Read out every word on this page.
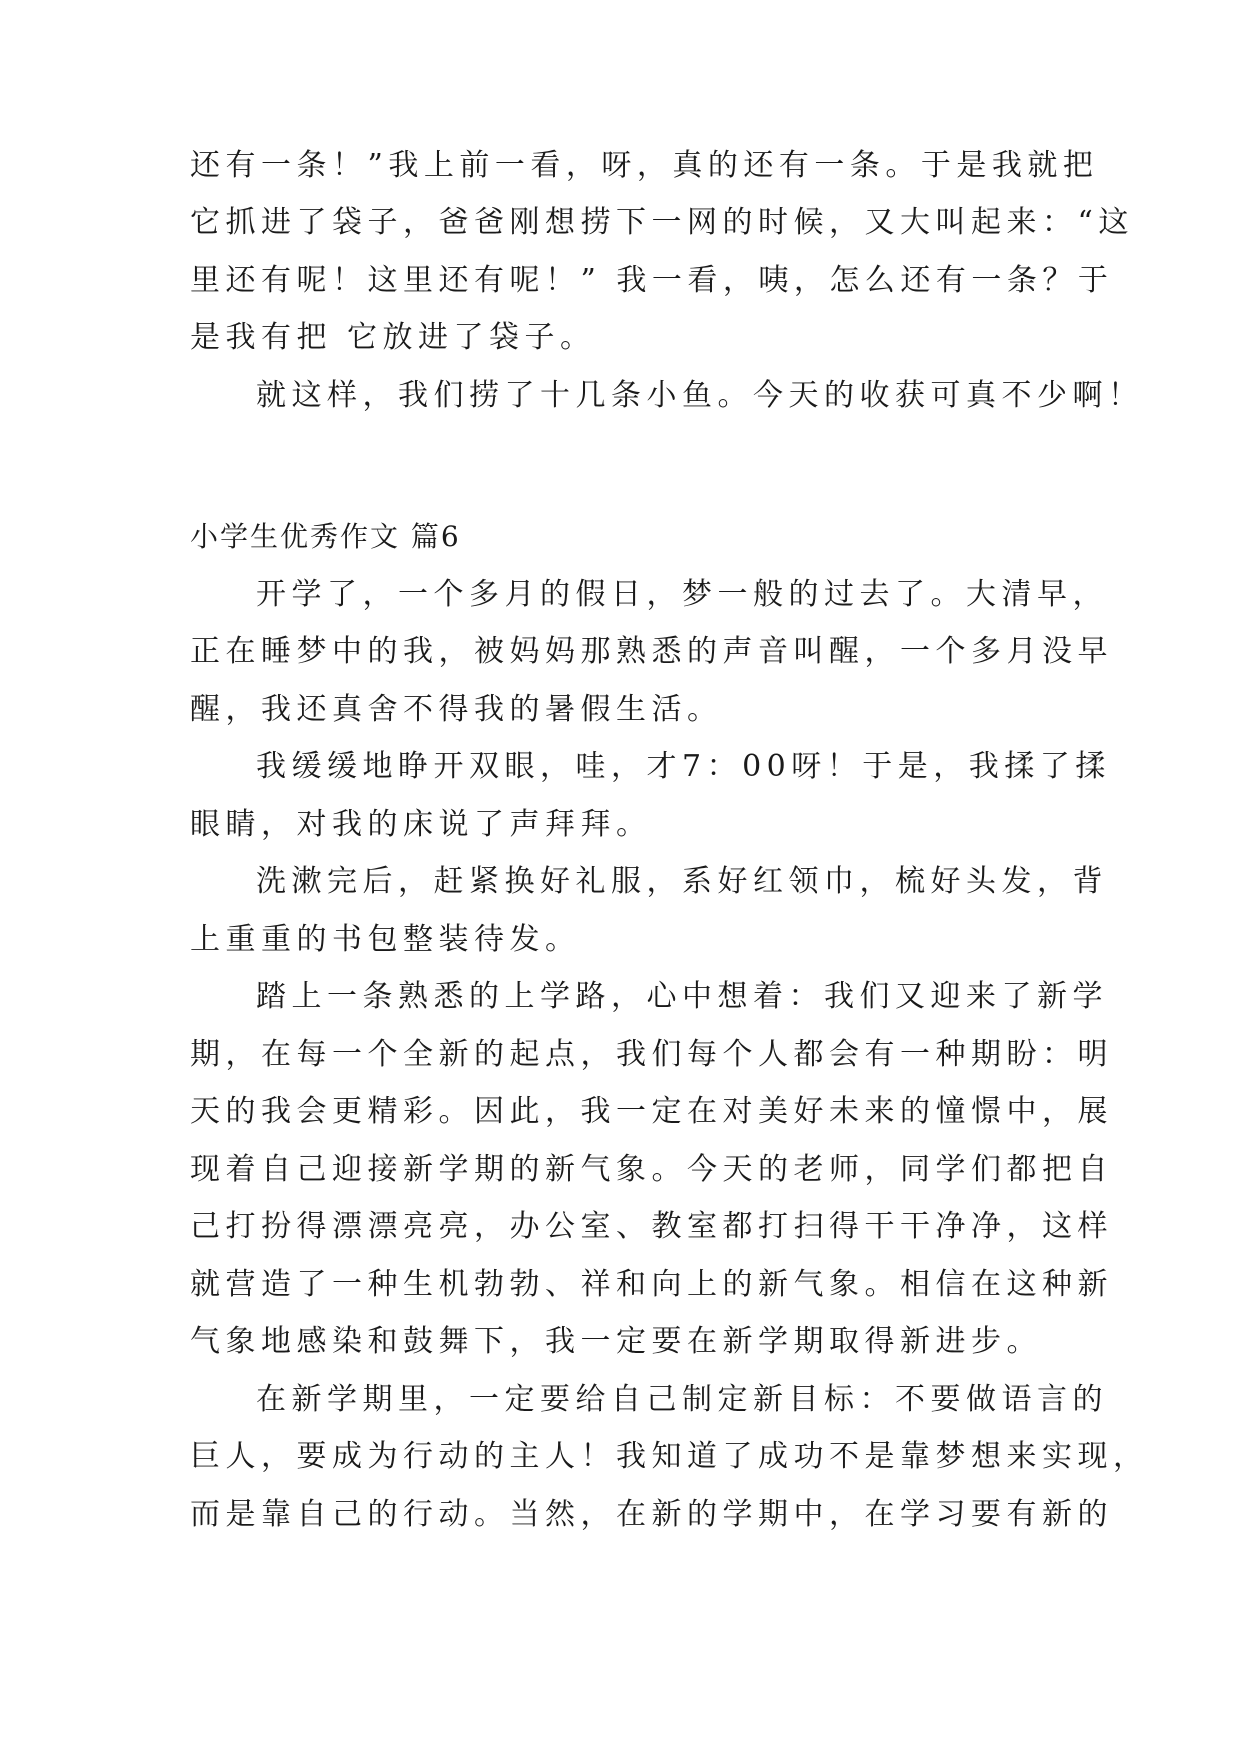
还有一条！”我上前一看，呀，真的还有一条。于是我就把
它抓进了袋子，爸爸刚想捞下一网的时候，又大叫起来：“这
里还有呢！这里还有呢！” 我一看，咦，怎么还有一条？于
是我有把 它放进了袋子。
就这样，我们捞了十几条小鱼。今天的收获可真不少啊！
小学生优秀作文 篇6
开学了，一个多月的假日，梦一般的过去了。大清早，
正在睡梦中的我，被妈妈那熟悉的声音叫醒，一个多月没早
醒，我还真舍不得我的暑假生活。
我缓缓地睁开双眼，哇，才7：00呀！于是，我揉了揉
眼睛，对我的床说了声拜拜。
洗漱完后，赶紧换好礼服，系好红领巾，梳好头发，背
上重重的书包整装待发。
踏上一条熟悉的上学路，心中想着：我们又迎来了新学
期，在每一个全新的起点，我们每个人都会有一种期盼：明
天的我会更精彩。因此，我一定在对美好未来的憧憬中，展
现着自己迎接新学期的新气象。今天的老师，同学们都把自
己打扮得漂漂亮亮，办公室、教室都打扫得干干净净，这样
就营造了一种生机勃勃、祥和向上的新气象。相信在这种新
气象地感染和鼓舞下，我一定要在新学期取得新进步。
在新学期里，一定要给自己制定新目标：不要做语言的
巨人，要成为行动的主人！我知道了成功不是靠梦想来实现，
而是靠自己的行动。当然，在新的学期中，在学习要有新的
